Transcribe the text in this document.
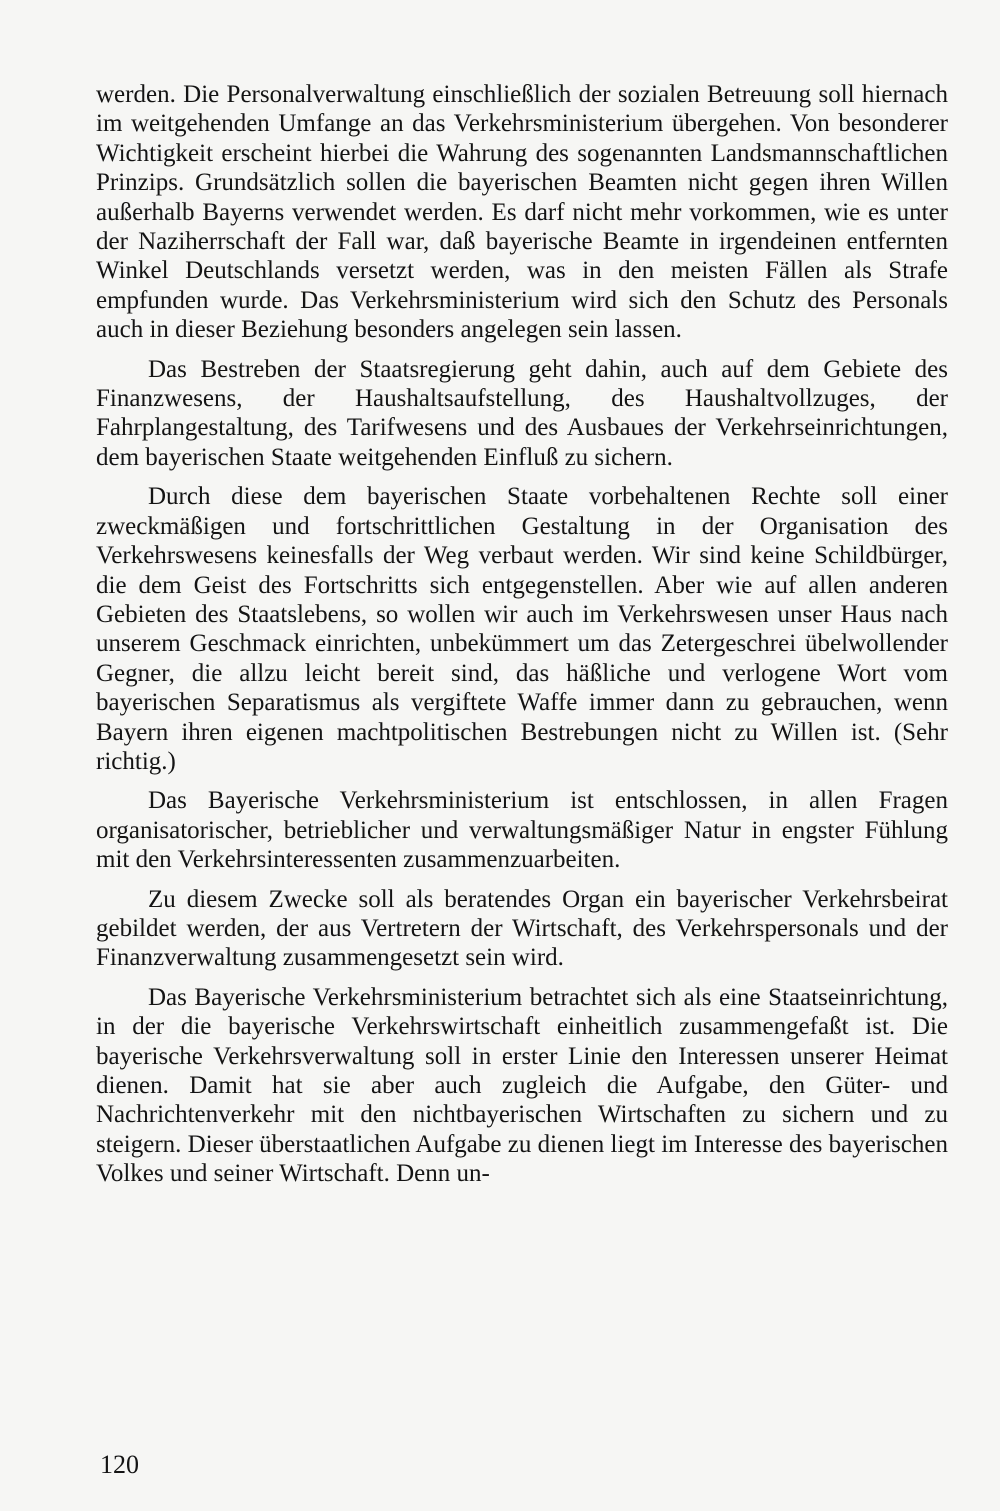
werden. Die Personalverwaltung einschließlich der sozialen Betreuung soll hiernach im weitgehenden Umfange an das Verkehrsministerium übergehen. Von besonderer Wichtigkeit erscheint hierbei die Wahrung des sogenannten Landsmannschaftlichen Prinzips. Grundsätzlich sollen die bayerischen Beamten nicht gegen ihren Willen außerhalb Bayerns verwendet werden. Es darf nicht mehr vorkommen, wie es unter der Naziherrschaft der Fall war, daß bayerische Beamte in irgendeinen entfernten Winkel Deutschlands versetzt werden, was in den meisten Fällen als Strafe empfunden wurde. Das Verkehrsministerium wird sich den Schutz des Personals auch in dieser Beziehung besonders angelegen sein lassen.

Das Bestreben der Staatsregierung geht dahin, auch auf dem Gebiete des Finanzwesens, der Haushaltsaufstellung, des Haushaltvollzuges, der Fahrplangestaltung, des Tarifwesens und des Ausbaues der Verkehrseinrichtungen, dem bayerischen Staate weitgehenden Einfluß zu sichern.

Durch diese dem bayerischen Staate vorbehaltenen Rechte soll einer zweckmäßigen und fortschrittlichen Gestaltung in der Organisation des Verkehrswesens keinesfalls der Weg verbaut werden. Wir sind keine Schildbürger, die dem Geist des Fortschritts sich entgegenstellen. Aber wie auf allen anderen Gebieten des Staatslebens, so wollen wir auch im Verkehrswesen unser Haus nach unserem Geschmack einrichten, unbekümmert um das Zetergeschrei übelwollender Gegner, die allzu leicht bereit sind, das häßliche und verlogene Wort vom bayerischen Separatismus als vergiftete Waffe immer dann zu gebrauchen, wenn Bayern ihren eigenen machtpolitischen Bestrebungen nicht zu Willen ist. (Sehr richtig.)

Das Bayerische Verkehrsministerium ist entschlossen, in allen Fragen organisatorischer, betrieblicher und verwaltungsmäßiger Natur in engster Fühlung mit den Verkehrsinteressenten zusammenzuarbeiten.

Zu diesem Zwecke soll als beratendes Organ ein bayerischer Verkehrsbeirat gebildet werden, der aus Vertretern der Wirtschaft, des Verkehrspersonals und der Finanzverwaltung zusammengesetzt sein wird.

Das Bayerische Verkehrsministerium betrachtet sich als eine Staatseinrichtung, in der die bayerische Verkehrswirtschaft einheitlich zusammengefaßt ist. Die bayerische Verkehrsverwaltung soll in erster Linie den Interessen unserer Heimat dienen. Damit hat sie aber auch zugleich die Aufgabe, den Güter- und Nachrichtenverkehr mit den nichtbayerischen Wirtschaften zu sichern und zu steigern. Dieser überstaatlichen Aufgabe zu dienen liegt im Interesse des bayerischen Volkes und seiner Wirtschaft. Denn un-

120
